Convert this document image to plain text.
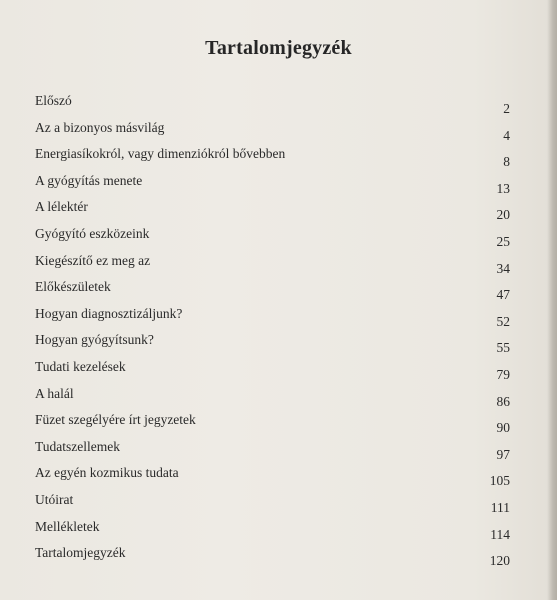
Tartalomjegyzék
Előszó
2
Az a bizonyos másvilág
4
Energiasíkokról, vagy dimenziókról bővebben
8
A gyógyítás menete
13
A lélektér
20
Gyógyító eszközeink
25
Kiegészítő ez meg az
34
Előkészületek
47
Hogyan diagnosztizáljunk?
52
Hogyan gyógyítsunk?
55
Tudati kezelések
79
A halál
86
Füzet szegélyére írt jegyzetek
90
Tudatszellemek
97
Az egyén kozmikus tudata
105
Utóirat
111
Mellékletek
114
Tartalomjegyzék
120
